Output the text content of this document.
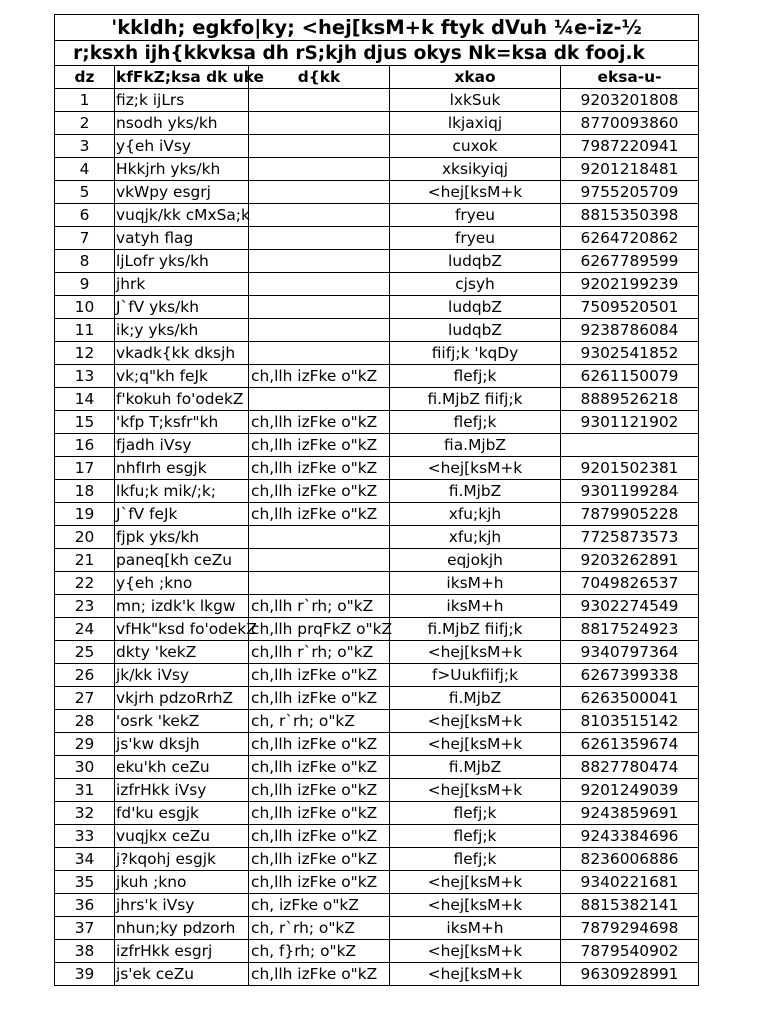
'kkldh; egkfo|ky; <hej[ksM+k ftyk dVuh ¼e-iz-½				
r;ksxh ijh{kkvksa dh rS;kjh djus okys Nk=ksa dk fooj.k				
dz	kfFkZ;ksa dk uke	d{kk	xkao	eksa-u-
1	fiz;k ijLrs		lxkSuk	9203201808
2	nsodh yks/kh		lkjaxiqj	8770093860
3	y{eh iVsy		cuxok	7987220941
4	Hkkjrh yks/kh		xksikyiqj	9201218481
5	vkWpy esgrj		<hej[ksM+k	9755205709
6	vuqjk/kk cMxSa;k		fryeu	8815350398
7	vatyh flag		fryeu	6264720862
8	ljLofr yks/kh		ludqbZ	6267789599
9	jhrk		cjsyh	9202199239
10	J`fV yks/kh		ludqbZ	7509520501
11	ik;y yks/kh		ludqbZ	9238786084
12	vkadk{kk dksjh		fiifj;k 'kqDy	9302541852
13	vk;q"kh feJk	ch,llh izFke o"kZ	flefj;k	6261150079
14	f'kokuh fo'odekZ		fi.MjbZ fiifj;k	8889526218
15	'kfp T;ksfr"kh	ch,llh izFke o"kZ	flefj;k	9301121902
16	fjadh iVsy	ch,llh izFke o"kZ	fia.MjbZ	
17	nhfIrh esgjk	ch,llh izFke o"kZ	<hej[ksM+k	9201502381
18	lkfu;k mik/;k;	ch,llh izFke o"kZ	fi.MjbZ	9301199284
19	J`fV feJk	ch,llh izFke o"kZ	xfu;kjh	7879905228
20	fjpk yks/kh		xfu;kjh	7725873573
21	paneq[kh ceZu		eqjokjh	9203262891
22	y{eh ;kno		iksM+h	7049826537
23	mn; izdk'k lkgw	ch,llh r`rh; o"kZ	iksM+h	9302274549
24	vfHk"ksd fo'odekZ	ch,llh prqFkZ o"kZ	fi.MjbZ fiifj;k	8817524923
25	dkty 'kekZ	ch,llh r`rh; o"kZ	<hej[ksM+k	9340797364
26	jk/kk iVsy	ch,llh izFke o"kZ	f>Uukfiifj;k	6267399338
27	vkjrh pdzoRrhZ	ch,llh izFke o"kZ	fi.MjbZ	6263500041
28	'osrk 'kekZ	ch, r`rh; o"kZ	<hej[ksM+k	8103515142
29	js'kw dksjh	ch,llh izFke o"kZ	<hej[ksM+k	6261359674
30	eku'kh ceZu	ch,llh izFke o"kZ	fi.MjbZ	8827780474
31	izfrHkk iVsy	ch,llh izFke o"kZ	<hej[ksM+k	9201249039
32	fd'ku esgjk	ch,llh izFke o"kZ	flefj;k	9243859691
33	vuqjkx ceZu	ch,llh izFke o"kZ	flefj;k	9243384696
34	j?kqohj esgjk	ch,llh izFke o"kZ	flefj;k	8236006886
35	jkuh ;kno	ch,llh izFke o"kZ	<hej[ksM+k	9340221681
36	jhrs'k iVsy	ch, izFke o"kZ	<hej[ksM+k	8815382141
37	nhun;ky pdzorh	ch, r`rh; o"kZ	iksM+h	7879294698
38	izfrHkk esgrj	ch, f}rh; o"kZ	<hej[ksM+k	7879540902
39	js'ek ceZu	ch,llh izFke o"kZ	<hej[ksM+k	9630928991
